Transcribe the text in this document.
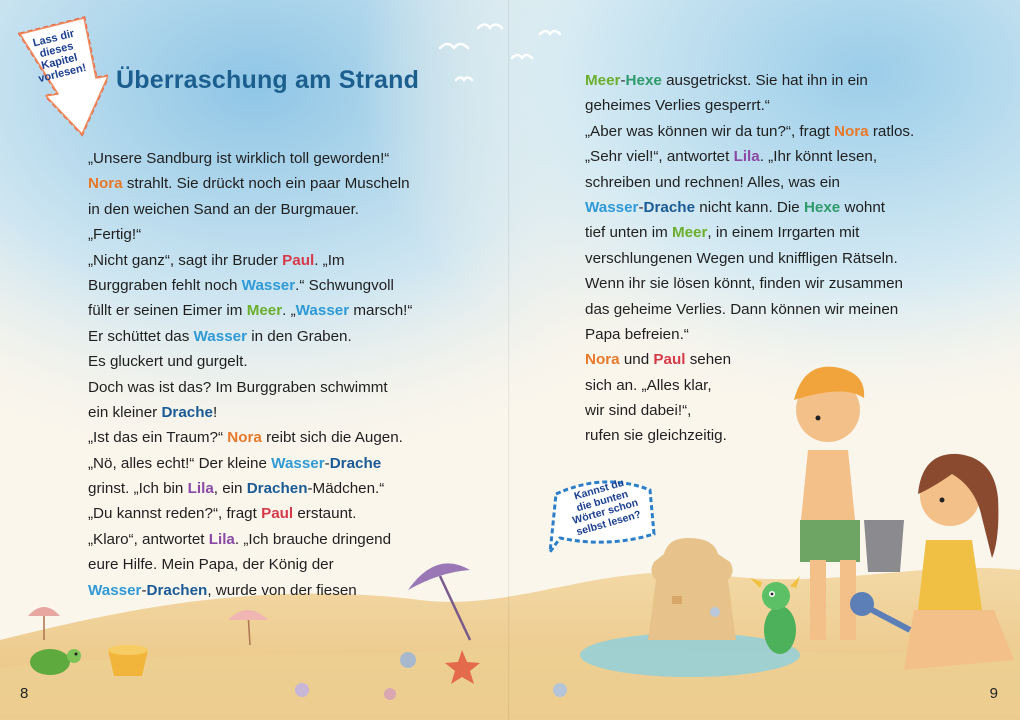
Lass dir
dieses
Kapitel
vorlesen! Überraschung am Strand
„Unsere Sandburg ist wirklich toll geworden!“
Nora strahlt. Sie drückt noch ein paar Muscheln
in den weichen Sand an der Burgmauer.
„Fertig!“
„Nicht ganz“, sagt ihr Bruder Paul. „Im
Burggraben fehlt noch Wasser.“ Schwungvoll
füllt er seinen Eimer im Meer. „Wasser marsch!“
Er schüttet das Wasser in den Graben.
Es gluckert und gurgelt.
Doch was ist das? Im Burggraben schwimmt
ein kleiner Drache!
„Ist das ein Traum?“ Nora reibt sich die Augen.
„Nö, alles echt!“ Der kleine Wasser-Drache
grinst. „Ich bin Lila, ein Drachen-Mädchen.“
„Du kannst reden?“, fragt Paul erstaunt.
„Klaro“, antwortet Lila. „Ich brauche dringend
eure Hilfe. Mein Papa, der König der
Wasser-Drachen, wurde von der fiesen
Meer-Hexe ausgetrickst. Sie hat ihn in ein
geheimes Verlies gesperrt.“
„Aber was können wir da tun?“, fragt Nora ratlos.
„Sehr viel!“, antwortet Lila. „Ihr könnt lesen,
schreiben und rechnen! Alles, was ein
Wasser-Drache nicht kann. Die Hexe wohnt
tief unten im Meer, in einem Irrgarten mit
verschlungenen Wegen und kniffligen Rätseln.
Wenn ihr sie lösen könnt, finden wir zusammen
das geheime Verlies. Dann können wir meinen
Papa befreien.“
Nora und Paul sehen
sich an. „Alles klar,
wir sind dabei!“,
rufen sie gleichzeitig.
Kannst du
die bunten
Wörter schon
selbst lesen?
8	9
